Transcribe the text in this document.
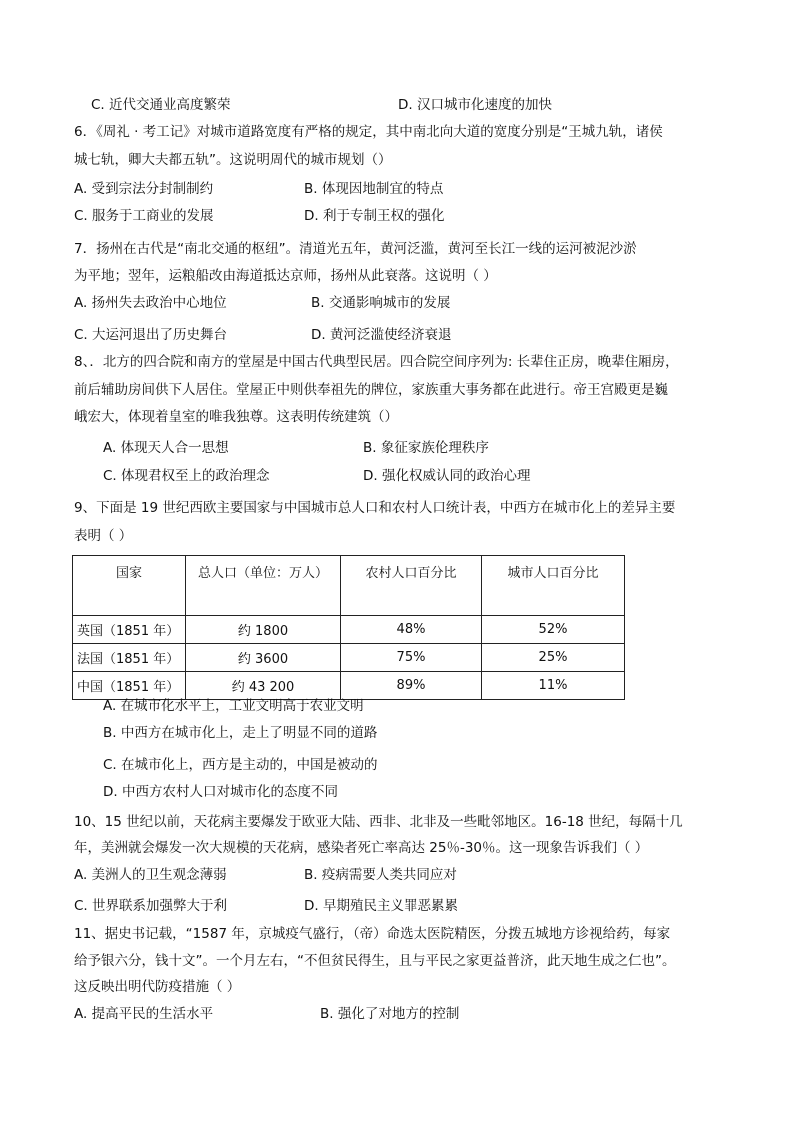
C. 近代交通业高度繁荣	D. 汉口城市化速度的加快
6．《周礼 · 考工记》对城市道路宽度有严格的规定，其中南北向大道的宽度分别是“王城九轨，诸侯
城七轨，卿大夫都五轨”。这说明周代的城市规划（）
A. 受到宗法分封制制约	B. 体现因地制宜的特点
C. 服务于工商业的发展	D. 利于专制王权的强化
7．扬州在古代是“南北交通的枢纽”。清道光五年，黄河泛滥，黄河至长江一线的运河被泥沙淤
为平地；翌年，运粮船改由海道抵达京师，扬州从此衰落。这说明（ ）
A. 扬州失去政治中心地位	B. 交通影响城市的发展
C. 大运河退出了历史舞台	D. 黄河泛滥使经济衰退
8、．北方的四合院和南方的堂屋是中国古代典型民居。四合院空间序列为: 长辈住正房，晚辈住厢房，
前后辅助房间供下人居住。堂屋正中则供奉祖先的牌位，家族重大事务都在此进行。帝王宫殿更是巍
峨宏大，体现着皇室的唯我独尊。这表明传统建筑（）
A. 体现天人合一思想	B. 象征家族伦理秩序
C. 体现君权至上的政治理念	D. 强化权威认同的政治心理
9、下面是 19 世纪西欧主要国家与中国城市总人口和农村人口统计表，中西方在城市化上的差异主要
表明（ ）
国家	总人口（单位：万人）	农村人口百分比	城市人口百分比
英国（1851 年）	约 1800	48%	52%
法国（1851 年）	约 3600	75%	25%
中国（1851 年）	约 43 200	89%	11%
A. 在城市化水平上，工业文明高于农业文明
B. 中西方在城市化上，走上了明显不同的道路
C. 在城市化上，西方是主动的，中国是被动的
D. 中西方农村人口对城市化的态度不同
10、15 世纪以前，天花病主要爆发于欧亚大陆、西非、北非及一些毗邻地区。16-18 世纪，每隔十几
年，美洲就会爆发一次大规模的天花病，感染者死亡率高达 25％-30％。这一现象告诉我们（ ）
A. 美洲人的卫生观念薄弱	B. 疫病需要人类共同应对
C. 世界联系加强弊大于利	D. 早期殖民主义罪恶累累
11、据史书记载，“1587 年，京城疫气盛行，（帝）命选太医院精医，分拨五城地方诊视给药，每家
给予银六分，钱十文”。一个月左右，“不但贫民得生，且与平民之家更益普济，此天地生成之仁也”。
这反映出明代防疫措施（ ）
A. 提高平民的生活水平	B. 强化了对地方的控制
